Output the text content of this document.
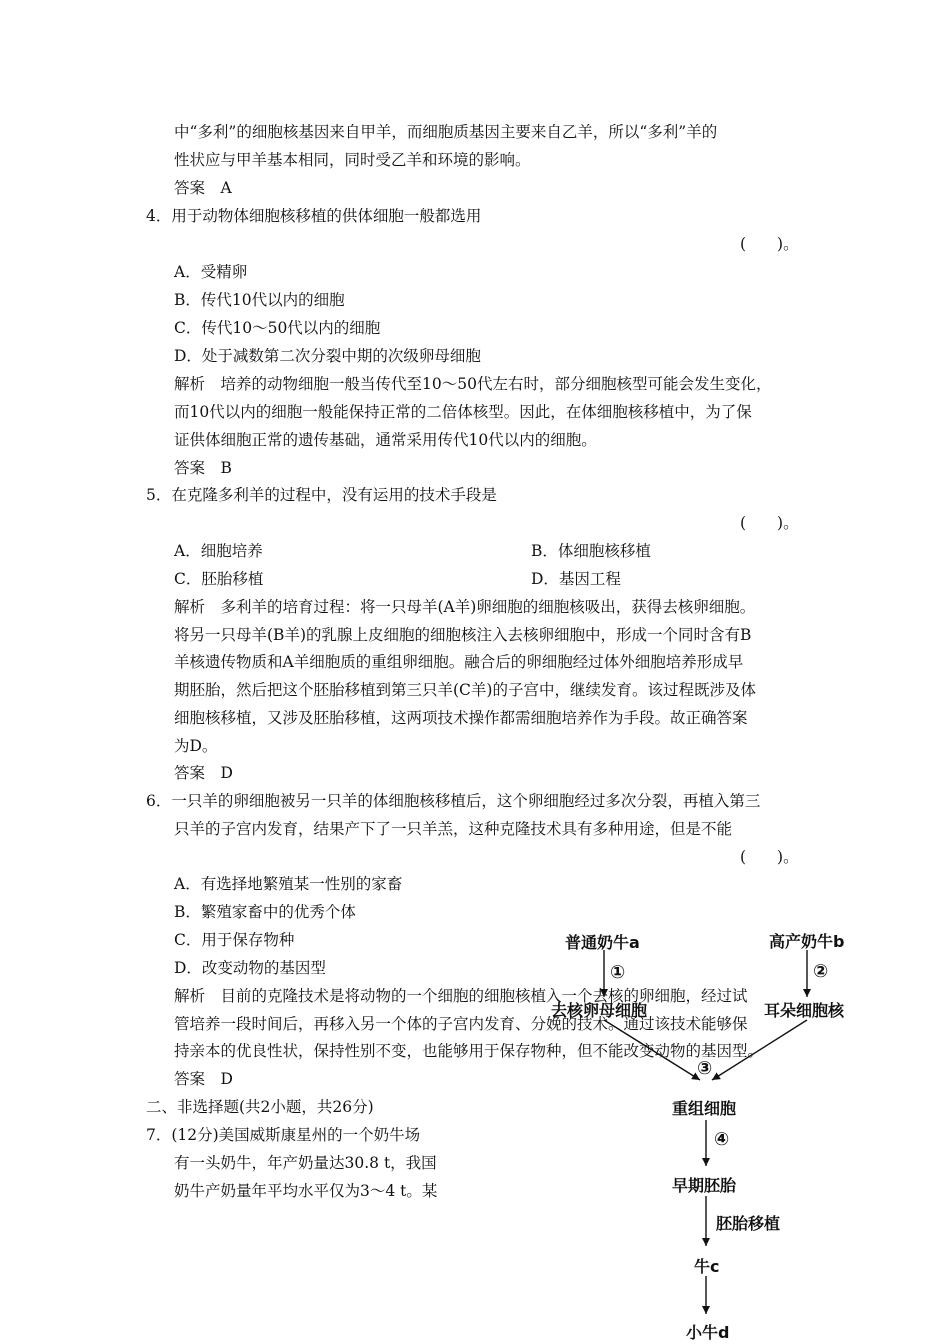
中“多利”的细胞核基因来自甲羊，而细胞质基因主要来自乙羊，所以“多利”羊的
性状应与甲羊基本相同，同时受乙羊和环境的影响。
答案　A
4．用于动物体细胞核移植的供体细胞一般都选用
(　　)。
A．受精卵
B．传代10代以内的细胞
C．传代10～50代以内的细胞
D．处于减数第二次分裂中期的次级卵母细胞
解析　培养的动物细胞一般当传代至10～50代左右时，部分细胞核型可能会发生变化，
而10代以内的细胞一般能保持正常的二倍体核型。因此，在体细胞核移植中，为了保
证供体细胞正常的遗传基础，通常采用传代10代以内的细胞。
答案　B
5．在克隆多利羊的过程中，没有运用的技术手段是
(　　)。
A．细胞培养	B．体细胞核移植
C．胚胎移植	D．基因工程
解析　多利羊的培育过程：将一只母羊(A羊)卵细胞的细胞核吸出，获得去核卵细胞。
将另一只母羊(B羊)的乳腺上皮细胞的细胞核注入去核卵细胞中，形成一个同时含有B
羊核遗传物质和A羊细胞质的重组卵细胞。融合后的卵细胞经过体外细胞培养形成早
期胚胎，然后把这个胚胎移植到第三只羊(C羊)的子宫中，继续发育。该过程既涉及体
细胞核移植，又涉及胚胎移植，这两项技术操作都需细胞培养作为手段。故正确答案
为D。
答案　D
6．一只羊的卵细胞被另一只羊的体细胞核移植后，这个卵细胞经过多次分裂，再植入第三
只羊的子宫内发育，结果产下了一只羊羔，这种克隆技术具有多种用途，但是不能
(　　)。
A．有选择地繁殖某一性别的家畜
B．繁殖家畜中的优秀个体
C．用于保存物种
D．改变动物的基因型
解析　目前的克隆技术是将动物的一个细胞的细胞核植入一个去核的卵细胞，经过试
管培养一段时间后，再移入另一个体的子宫内发育、分娩的技术。通过该技术能够保
持亲本的优良性状，保持性别不变，也能够用于保存物种，但不能改变动物的基因型。
答案　D
二、非选择题(共2小题，共26分)
7．(12分)美国威斯康星州的一个奶牛场
有一头奶牛，年产奶量达30.8 t，我国
奶牛产奶量年平均水平仅为3～4 t。某
普通奶牛a	高产奶牛b
①	②
去核卵母细胞	耳朵细胞核
③
重组细胞
④
早期胚胎
胚胎移植
牛c
小牛d
